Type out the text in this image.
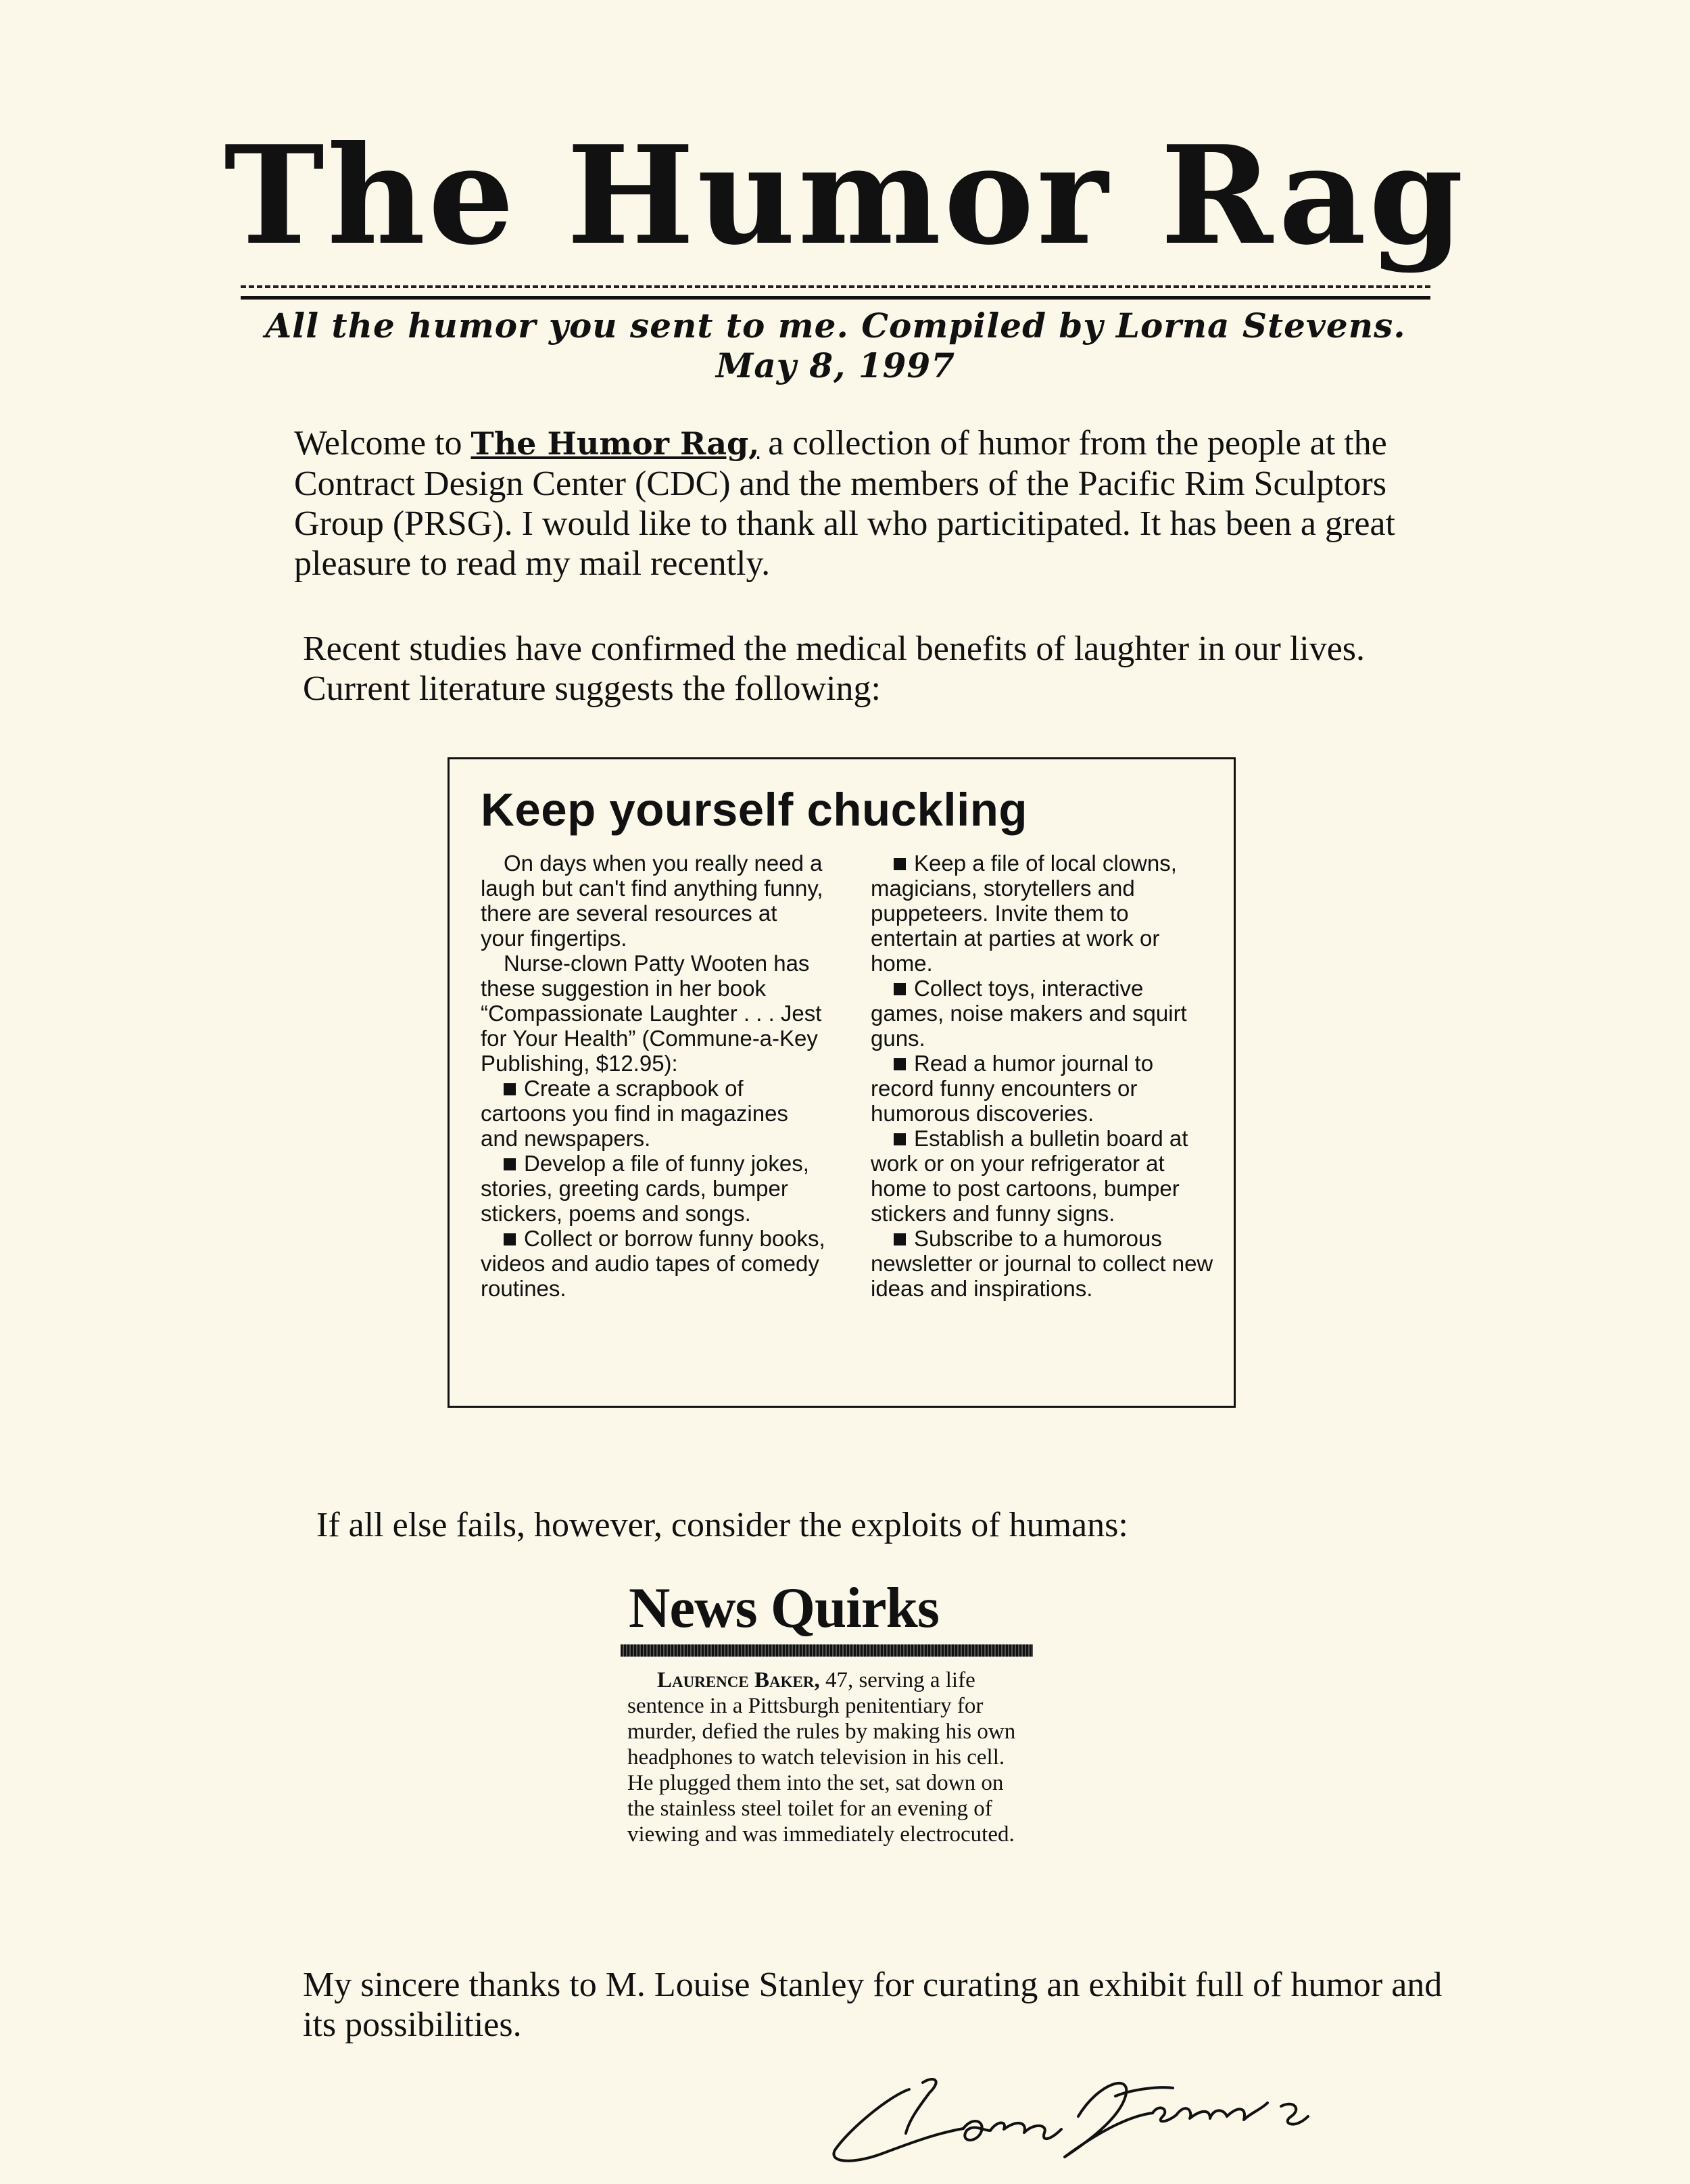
The Humor Rag
All the humor you sent to me. Compiled by Lorna Stevens. May 8, 1997
Welcome to The Humor Rag, a collection of humor from the people at the Contract Design Center (CDC) and the members of the Pacific Rim Sculptors Group (PRSG). I would like to thank all who particitipated. It has been a great pleasure to read my mail recently.
Recent studies have confirmed the medical benefits of laughter in our lives. Current literature suggests the following:
Keep yourself chuckling

On days when you really need a laugh but can't find anything funny, there are several resources at your fingertips.

Nurse-clown Patty Wooten has these suggestion in her book “Compassionate Laughter . . . Jest for Your Health” (Commune-a-Key Publishing, $12.95):

Create a scrapbook of cartoons you find in magazines and newspapers.

Develop a file of funny jokes, stories, greeting cards, bumper stickers, poems and songs.

Collect or borrow funny books, videos and audio tapes of comedy routines.

Keep a file of local clowns, magicians, storytellers and puppeteers. Invite them to entertain at parties at work or home.

Collect toys, interactive games, noise makers and squirt guns.

Read a humor journal to record funny encounters or humorous discoveries.

Establish a bulletin board at work or on your refrigerator at home to post cartoons, bumper stickers and funny signs.

Subscribe to a humorous newsletter or journal to collect new ideas and inspirations.

If all else fails, however, consider the exploits of humans:
News Quirks

Laurence Baker, 47, serving a life sentence in a Pittsburgh penitentiary for murder, defied the rules by making his own headphones to watch television in his cell. He plugged them into the set, sat down on the stainless steel toilet for an evening of viewing and was immediately electrocuted.

My sincere thanks to M. Louise Stanley for curating an exhibit full of humor and its possibilities.
